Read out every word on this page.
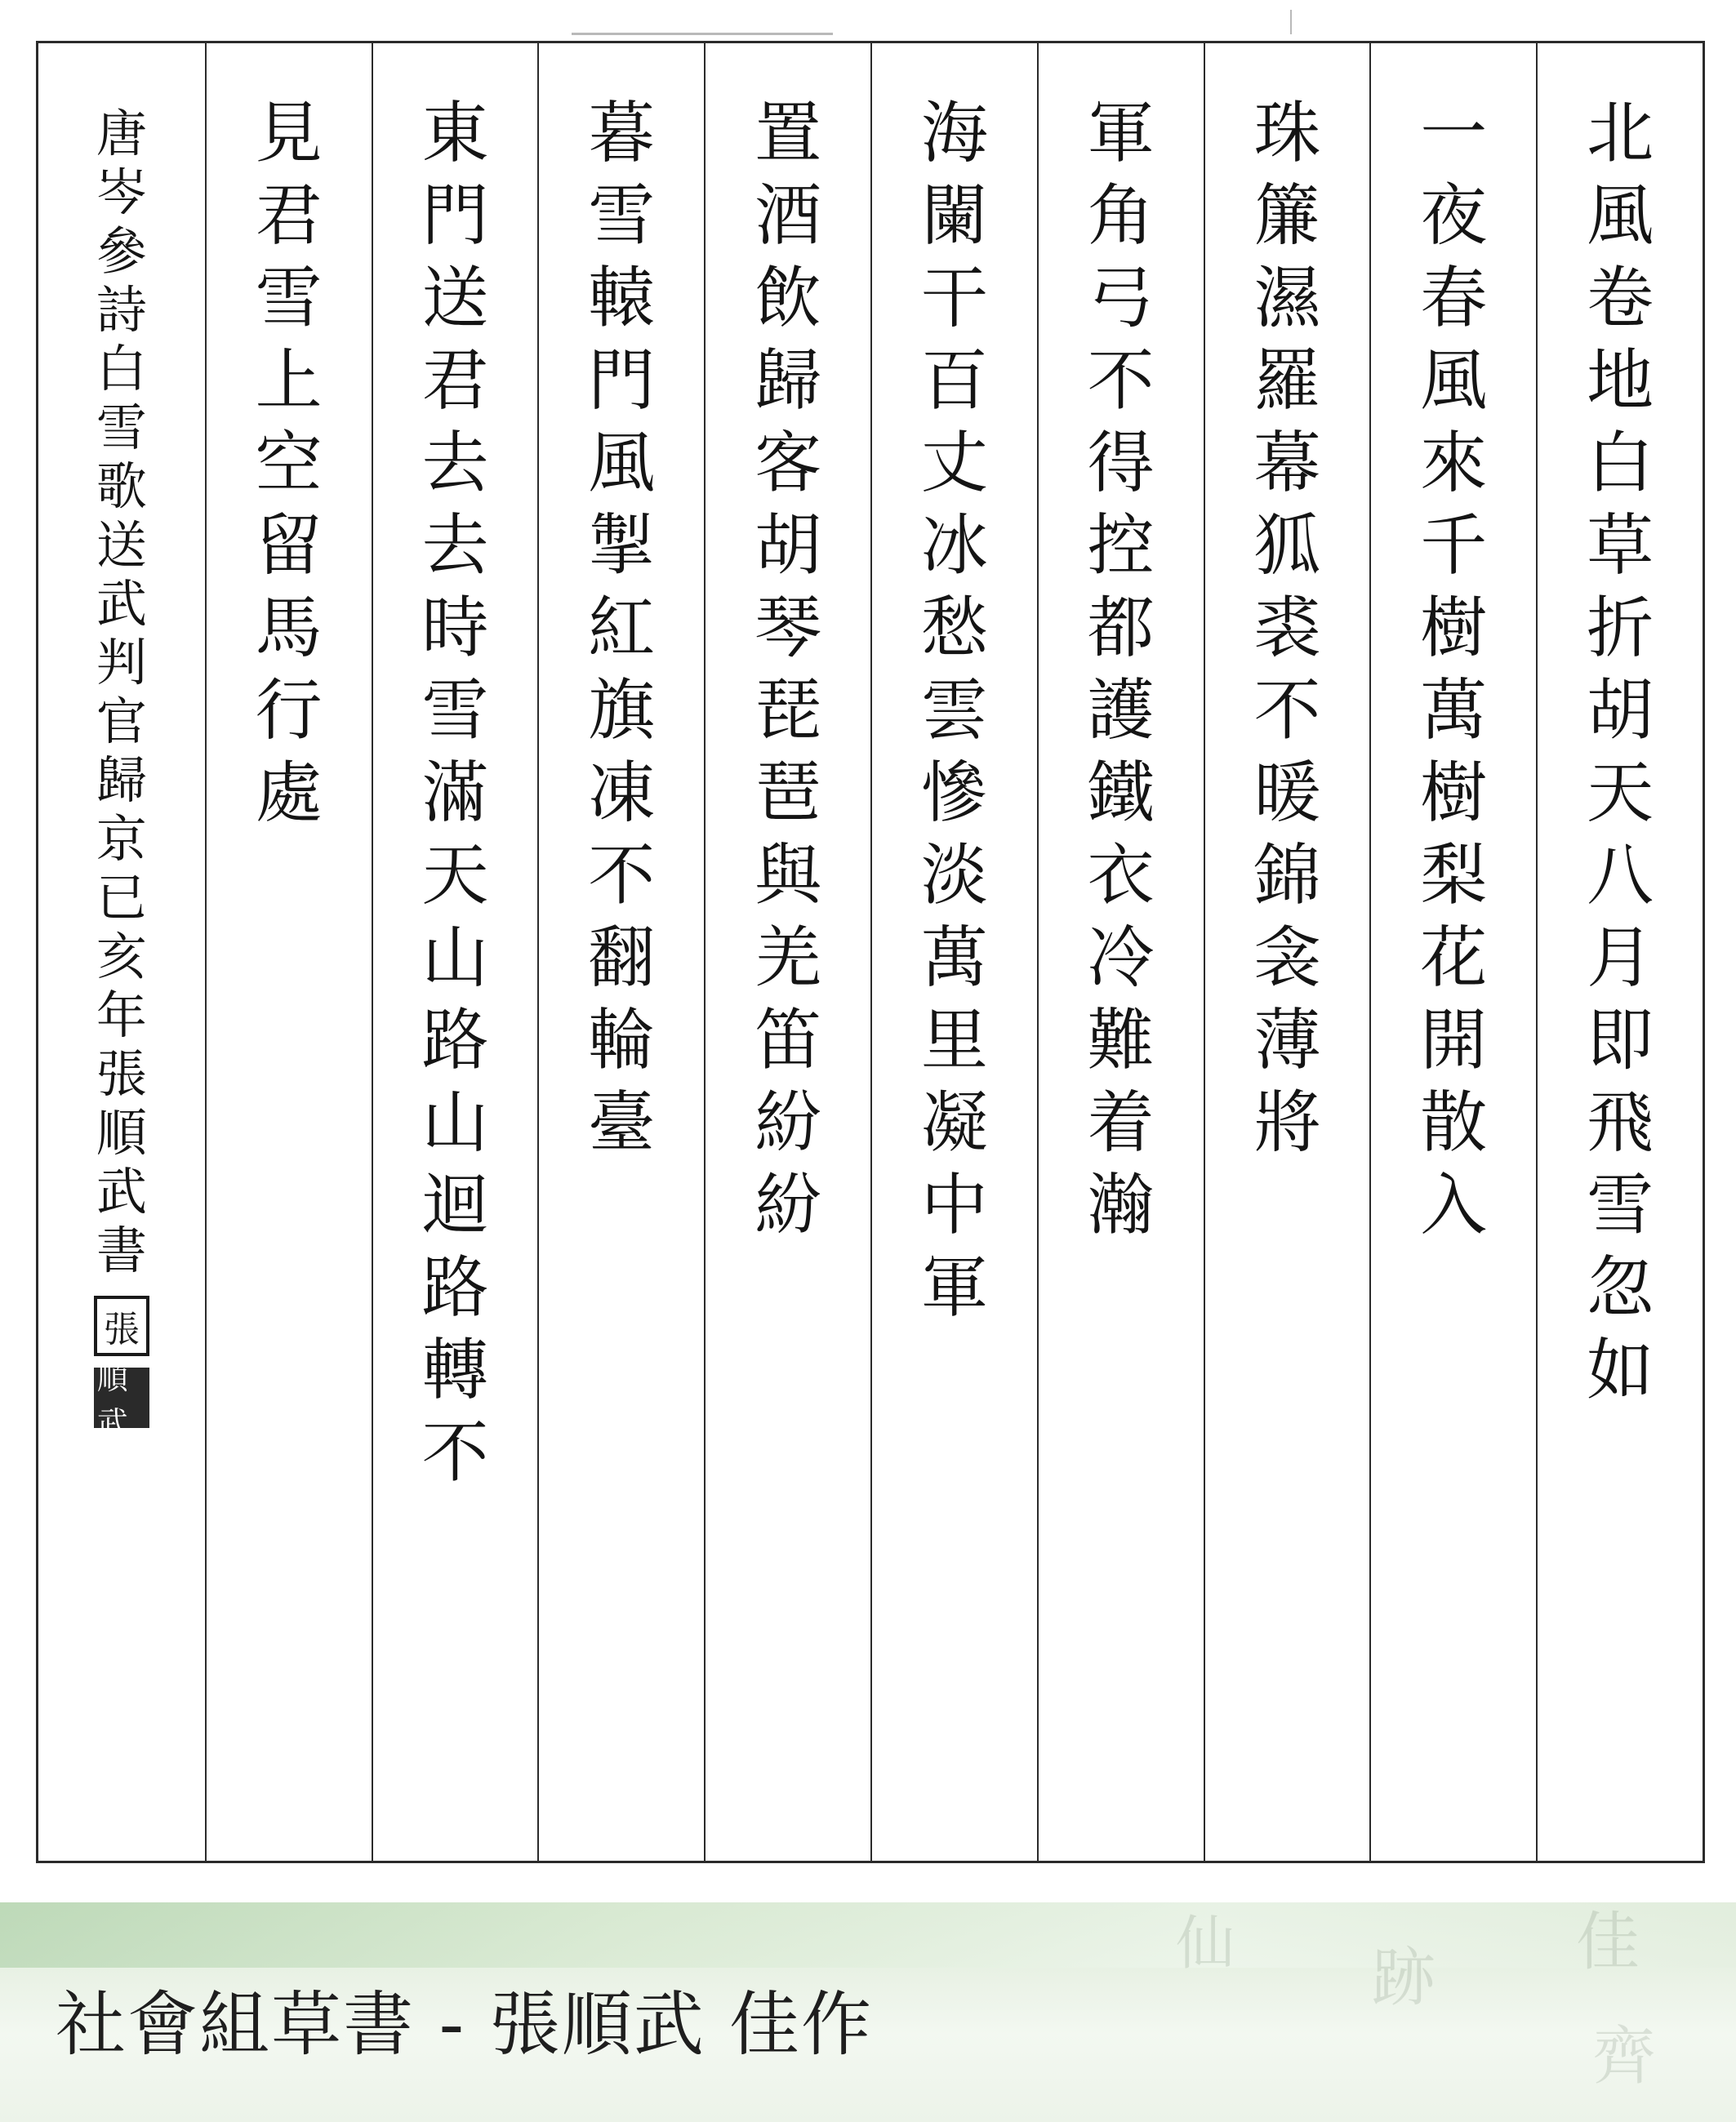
北
風
卷
地
白
草
折
胡
天
八
月
即
飛
雪
忽
如
一
夜
春
風
來
千
樹
萬
樹
梨
花
開
散
入
珠
簾
濕
羅
幕
狐
裘
不
暖
錦
衾
薄
將
軍
角
弓
不
得
控
都
護
鐵
衣
冷
難
着
瀚
海
闌
干
百
丈
冰
愁
雲
慘
淡
萬
里
凝
中
軍
置
酒
飲
歸
客
胡
琴
琵
琶
與
羌
笛
紛
紛
暮
雪
轅
門
風
掣
紅
旗
凍
不
翻
輪
臺
東
門
送
君
去
去
時
雪
滿
天
山
路
山
迴
路
轉
不
見
君
雪
上
空
留
馬
行
處
唐
岑
參
詩
白
雪
歌
送
武
判
官
歸
京
已
亥
年
張
順
武
書
張
順武
仙 跡 佳
齊
社會組草書 - 張順武 佳作
